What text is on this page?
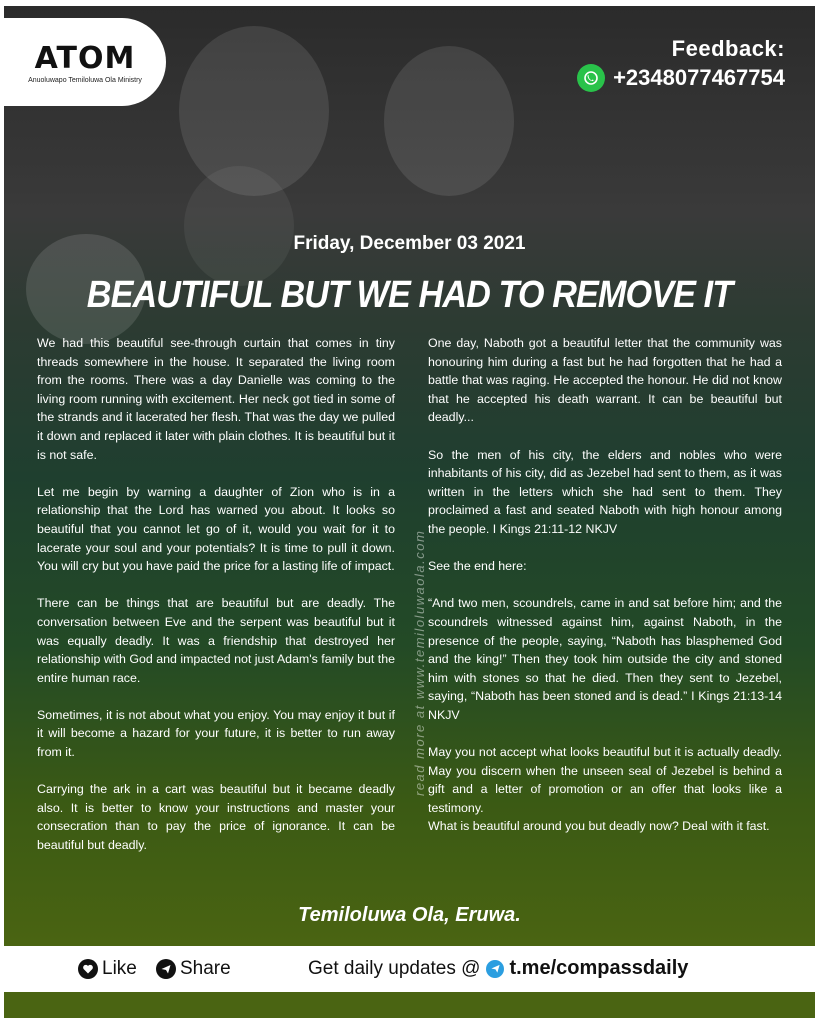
ATOM
Anuoluwapo Temiloluwa Ola Ministry
Feedback:
+2348077467754
Friday, December 03 2021
BEAUTIFUL BUT WE HAD TO REMOVE IT

We had this beautiful see-through curtain that comes in tiny threads somewhere in the house. It separated the living room from the rooms. There was a day Danielle was coming to the living room running with excitement. Her neck got tied in some of the strands and it lacerated her flesh. That was the day we pulled it down and replaced it later with plain clothes. It is beautiful but it is not safe.

Let me begin by warning a daughter of Zion who is in a relationship that the Lord has warned you about. It looks so beautiful that you cannot let go of it, would you wait for it to lacerate your soul and your potentials? It is time to pull it down. You will cry but you have paid the price for a lasting life of impact.

There can be things that are beautiful but are deadly. The conversation between Eve and the serpent was beautiful but it was equally deadly. It was a friendship that destroyed her relationship with God and impacted not just Adam's family but the entire human race.

Sometimes, it is not about what you enjoy. You may enjoy it but if it will become a hazard for your future, it is better to run away from it.

Carrying the ark in a cart was beautiful but it became deadly also. It is better to know your instructions and master your consecration than to pay the price of ignorance. It can be beautiful but deadly.

read more at www.temiloluwaola.com

One day, Naboth got a beautiful letter that the community was honouring him during a fast but he had forgotten that he had a battle that was raging. He accepted the honour. He did not know that he accepted his death warrant. It can be beautiful but deadly...

So the men of his city, the elders and nobles who were inhabitants of his city, did as Jezebel had sent to them, as it was written in the letters which she had sent to them. They proclaimed a fast and seated Naboth with high honour among the people. I Kings 21:11-12 NKJV

See the end here:

“And two men, scoundrels, came in and sat before him; and the scoundrels witnessed against him, against Naboth, in the presence of the people, saying, “Naboth has blasphemed God and the king!” Then they took him outside the city and stoned him with stones so that he died. Then they sent to Jezebel, saying, “Naboth has been stoned and is dead.” I Kings 21:13-14 NKJV

May you not accept what looks beautiful but it is actually deadly. May you discern when the unseen seal of Jezebel is behind a gift and a letter of promotion or an offer that looks like a testimony.

What is beautiful around you but deadly now? Deal with it fast.

Temiloluwa Ola, Eruwa.
Like Share	Get daily updates @ t.me/compassdaily
